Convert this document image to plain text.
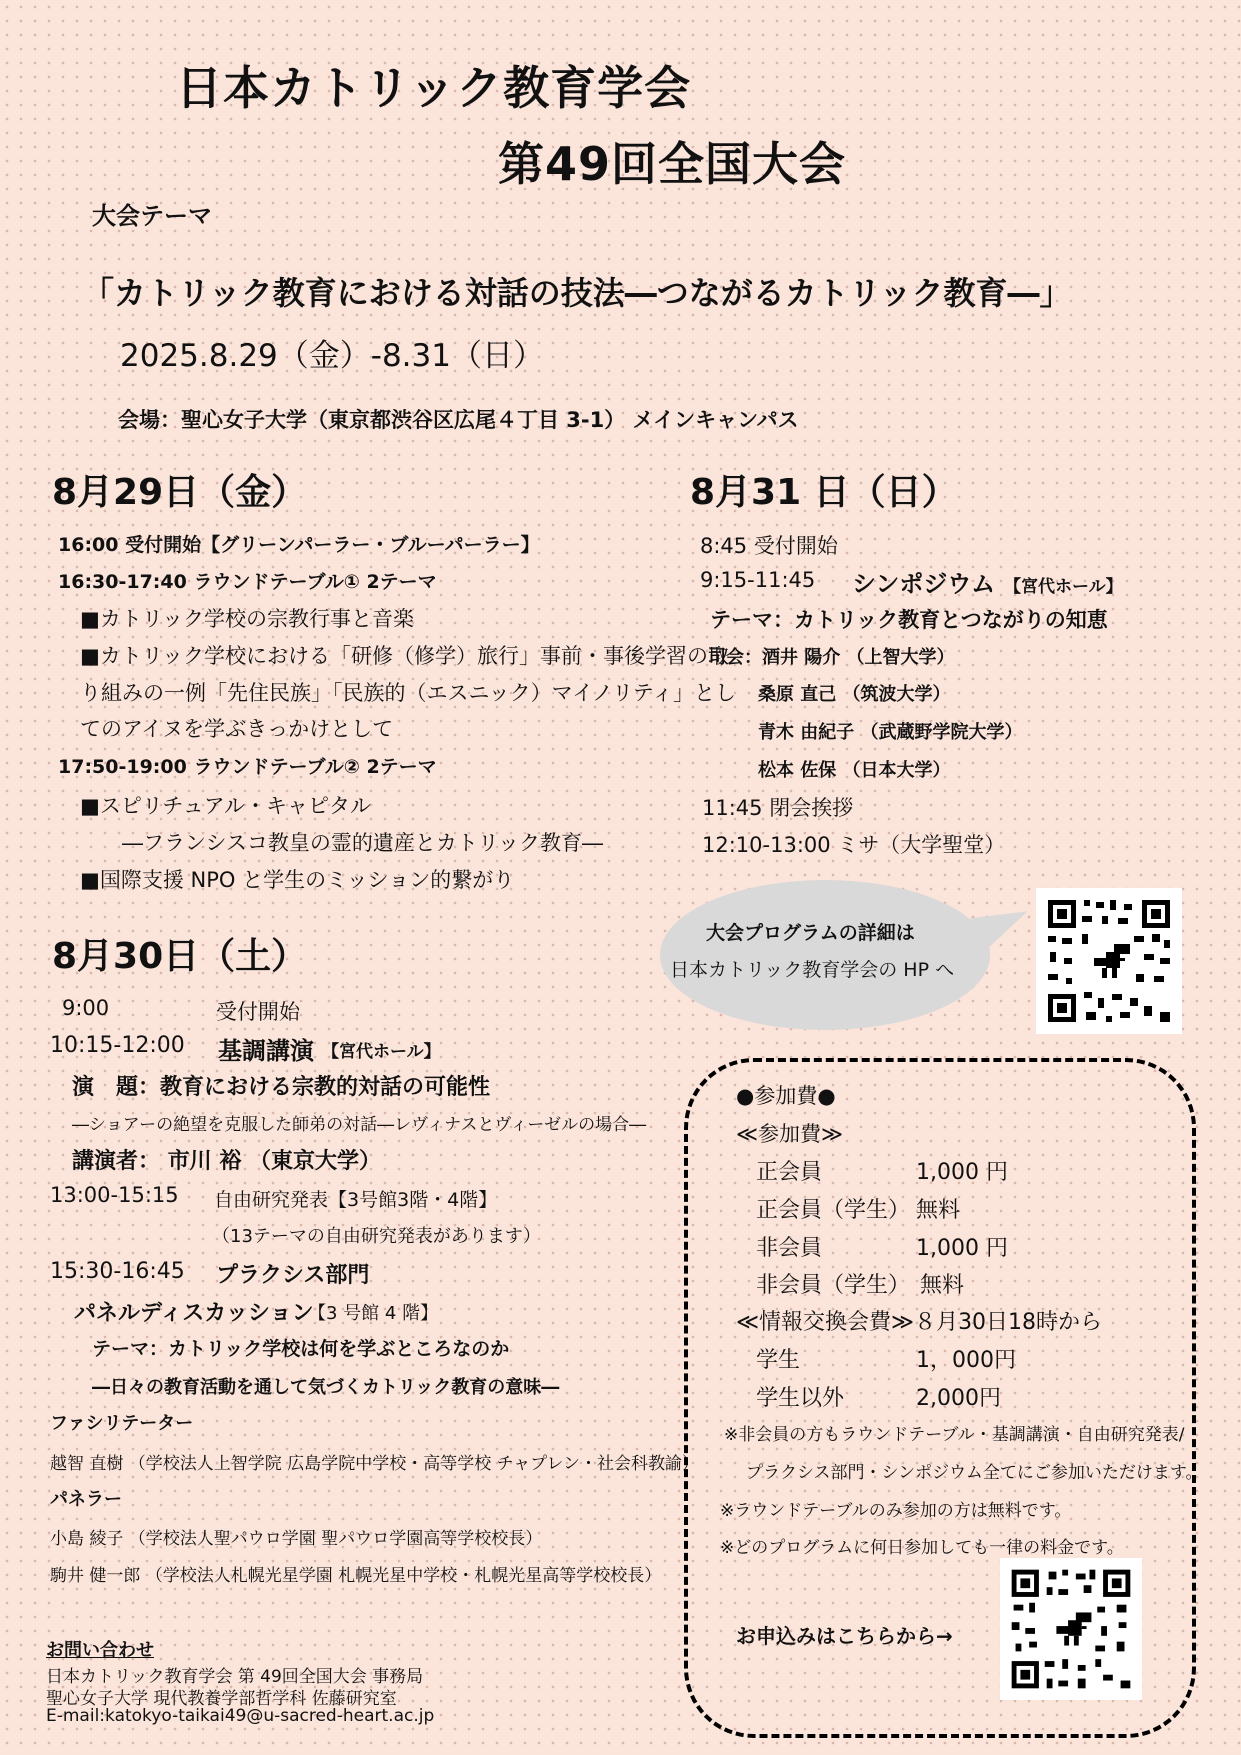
日本カトリック教育学会
第49回全国大会
大会テーマ
「カトリック教育における対話の技法―つながるカトリック教育―」
2025.8.29（金）-8.31（日）
会場：聖心女子大学（東京都渋谷区広尾４丁目 3-1） メインキャンパス
8月29日（金）
16:00 受付開始【グリーンパーラー・ブルーパーラー】
16:30-17:40 ラウンドテーブル① 2テーマ
■カトリック学校の宗教行事と音楽
■カトリック学校における「研修（修学）旅行」事前・事後学習の取
り組みの一例「先住民族」「民族的（エスニック）マイノリティ」とし
てのアイヌを学ぶきっかけとして
17:50-19:00 ラウンドテーブル② 2テーマ
■スピリチュアル・キャピタル
―フランシスコ教皇の霊的遺産とカトリック教育―
■国際支援 NPO と学生のミッション的繋がり
8月30日（土）
9:00	受付開始
10:15-12:00 基調講演 【宮代ホール】
演　題：教育における宗教的対話の可能性
―ショアーの絶望を克服した師弟の対話―レヴィナスとヴィーゼルの場合―
講演者： 市川 裕 （東京大学）
13:00-15:15 自由研究発表【3号館3階・4階】
（13テーマの自由研究発表があります）
15:30-16:45 プラクシス部門
パネルディスカッション
【3 号館 4 階】
テーマ：カトリック学校は何を学ぶところなのか
―日々の教育活動を通して気づくカトリック教育の意味―
ファシリテーター
越智 直樹 （学校法人上智学院 広島学院中学校・高等学校 チャプレン・社会科教諭）
パネラー
小島 綾子 （学校法人聖パウロ学園 聖パウロ学園高等学校校長）
駒井 健一郎 （学校法人札幌光星学園 札幌光星中学校・札幌光星高等学校校長）
8月31 日（日）
8:45 受付開始
9:15-11:45 シンポジウム 【宮代ホール】
テーマ：カトリック教育とつながりの知恵
司会：酒井 陽介 （上智大学）
桑原 直己 （筑波大学）
青木 由紀子 （武蔵野学院大学）
松本 佐保 （日本大学）
11:45 閉会挨拶
12:10-13:00 ミサ（大学聖堂）
大会プログラムの詳細は
日本カトリック教育学会の HP へ
●参加費●
≪参加費≫
正会員	1,000 円
正会員（学生） 無料
非会員	1,000 円
非会員（学生） 無料
≪情報交換会費≫８月30日18時から
学生	1，000円
学生以外	2,000円
※非会員の方もラウンドテーブル・基調講演・自由研究発表/
プラクシス部門・シンポジウム全てにご参加いただけます。
※ラウンドテーブルのみ参加の方は無料です。
※どのプログラムに何日参加しても一律の料金です。
お申込みはこちらから→
お問い合わせ
日本カトリック教育学会 第 49回全国大会 事務局
聖心女子大学 現代教養学部哲学科 佐藤研究室
E-mail:katokyo-taikai49@u-sacred-heart.ac.jp
